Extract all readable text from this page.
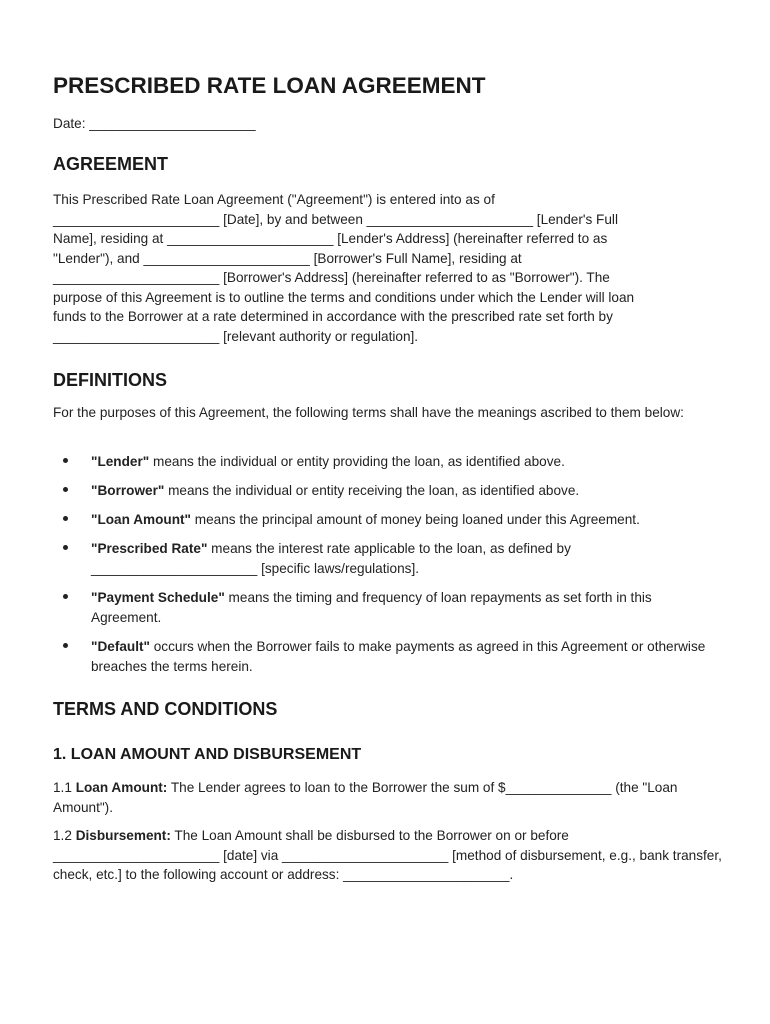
PRESCRIBED RATE LOAN AGREEMENT

Date: ______________________

AGREEMENT

This Prescribed Rate Loan Agreement ("Agreement") is entered into as of

______________________ [Date], by and between ______________________ [Lender's Full

Name], residing at ______________________ [Lender's Address] (hereinafter referred to as

"Lender"), and ______________________ [Borrower's Full Name], residing at

______________________ [Borrower's Address] (hereinafter referred to as "Borrower"). The

purpose of this Agreement is to outline the terms and conditions under which the Lender will loan

funds to the Borrower at a rate determined in accordance with the prescribed rate set forth by

______________________ [relevant authority or regulation].

DEFINITIONS

For the purposes of this Agreement, the following terms shall have the meanings ascribed to them below:

"Lender" means the individual or entity providing the loan, as identified above.

"Borrower" means the individual or entity receiving the loan, as identified above.

"Loan Amount" means the principal amount of money being loaned under this Agreement.

"Prescribed Rate" means the interest rate applicable to the loan, as defined by ______________________ [specific laws/regulations].

"Payment Schedule" means the timing and frequency of loan repayments as set forth in this Agreement.

"Default" occurs when the Borrower fails to make payments as agreed in this Agreement or otherwise breaches the terms herein.

TERMS AND CONDITIONS
1. LOAN AMOUNT AND DISBURSEMENT

1.1 Loan Amount: The Lender agrees to loan to the Borrower the sum of $______________ (the "Loan Amount").

1.2 Disbursement: The Loan Amount shall be disbursed to the Borrower on or before ______________________ [date] via ______________________ [method of disbursement, e.g., bank transfer, check, etc.] to the following account or address: ______________________.
